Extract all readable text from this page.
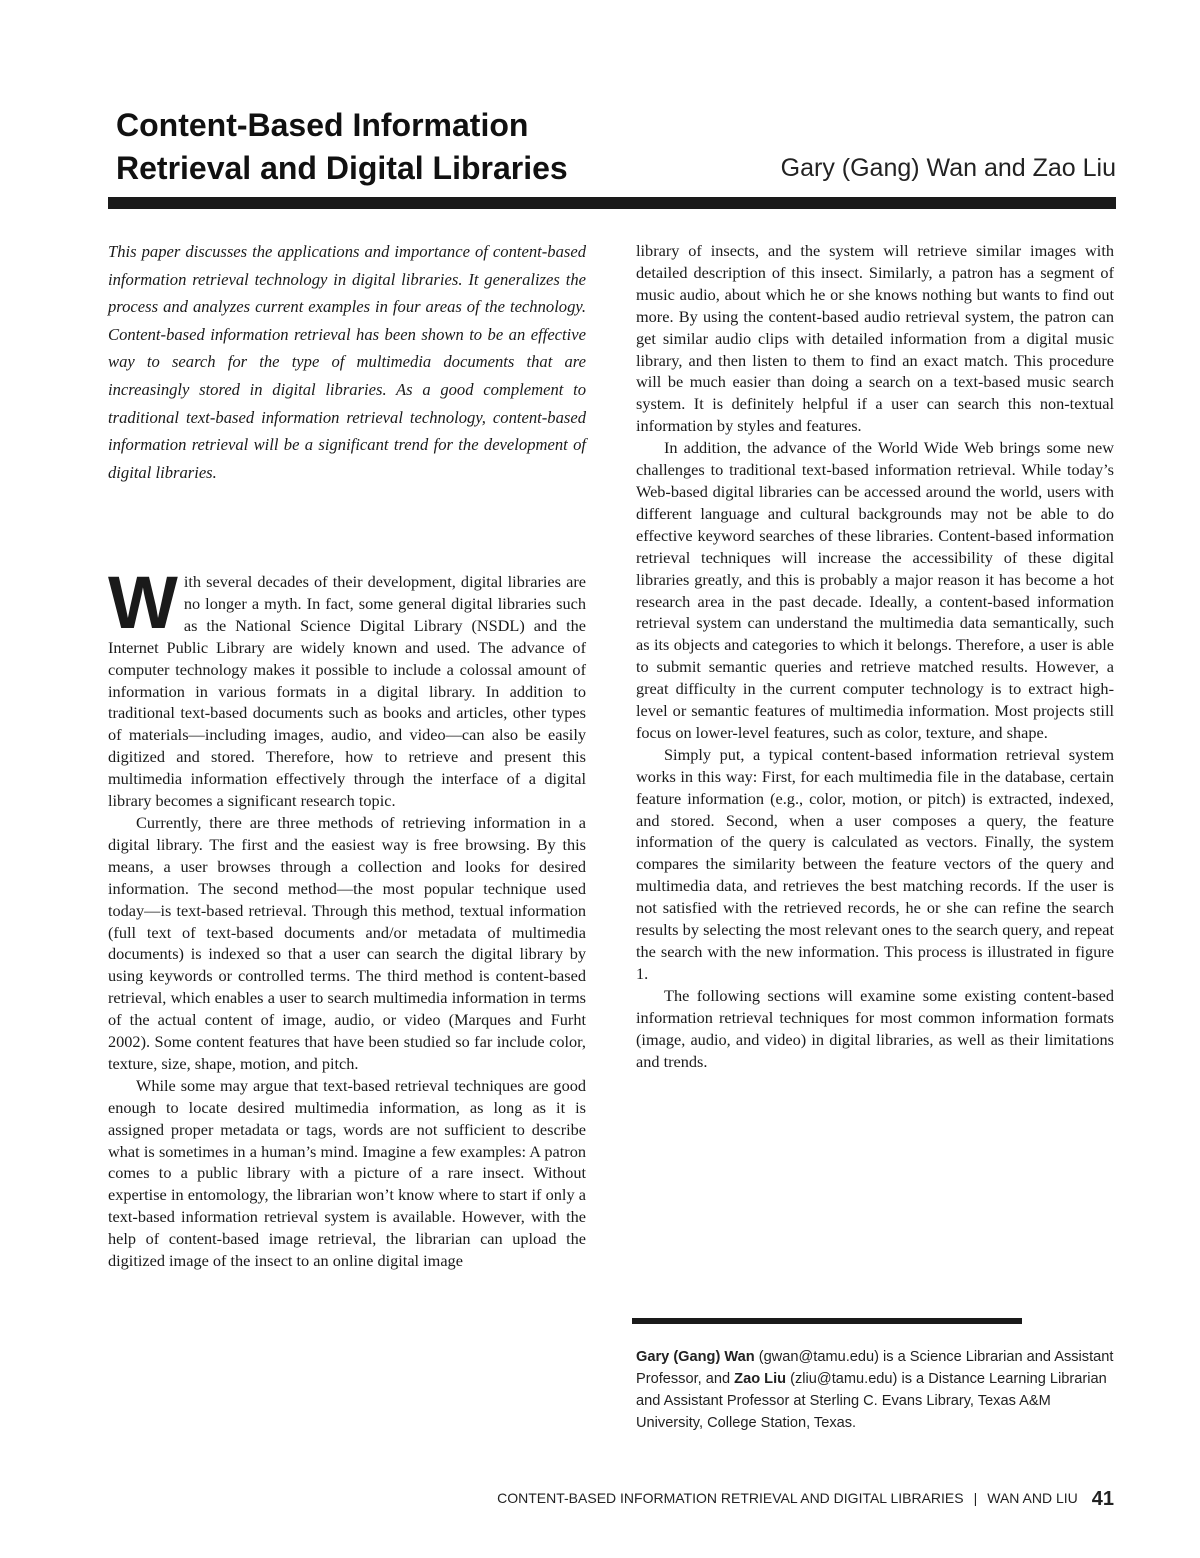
Content-Based Information
Retrieval and Digital Libraries	Gary (Gang) Wan and Zao Liu

This paper discusses the applications and importance of content-based information retrieval technology in digital libraries. It generalizes the process and analyzes current examples in four areas of the technology. Content-based information retrieval has been shown to be an effective way to search for the type of multimedia documents that are increasingly stored in digital libraries. As a good complement to traditional text-based information retrieval technology, content-based information retrieval will be a significant trend for the development of digital libraries.

With several decades of their development, digital libraries are no longer a myth. In fact, some general digital libraries such as the National Science Digital Library (NSDL) and the Internet Public Library are widely known and used. The advance of computer technology makes it possible to include a colossal amount of information in various formats in a digital library. In addition to traditional text-based documents such as books and articles, other types of materials—including images, audio, and video—can also be easily digitized and stored. Therefore, how to retrieve and present this multimedia information effectively through the interface of a digital library becomes a significant research topic.

Currently, there are three methods of retrieving information in a digital library. The first and the easiest way is free browsing. By this means, a user browses through a collection and looks for desired information. The second method—the most popular technique used today—is text-based retrieval. Through this method, textual information (full text of text-based documents and/or metadata of multimedia documents) is indexed so that a user can search the digital library by using keywords or controlled terms. The third method is content-based retrieval, which enables a user to search multimedia information in terms of the actual content of image, audio, or video (Marques and Furht 2002). Some content features that have been studied so far include color, texture, size, shape, motion, and pitch.

While some may argue that text-based retrieval techniques are good enough to locate desired multimedia information, as long as it is assigned proper metadata or tags, words are not sufficient to describe what is sometimes in a human’s mind. Imagine a few examples: A patron comes to a public library with a picture of a rare insect. Without expertise in entomology, the librarian won’t know where to start if only a text-based information retrieval system is available. However, with the help of content-based image retrieval, the librarian can upload the digitized image of the insect to an online digital image

library of insects, and the system will retrieve similar images with detailed description of this insect. Similarly, a patron has a segment of music audio, about which he or she knows nothing but wants to find out more. By using the content-based audio retrieval system, the patron can get similar audio clips with detailed information from a digital music library, and then listen to them to find an exact match. This procedure will be much easier than doing a search on a text-based music search system. It is definitely helpful if a user can search this non-textual information by styles and features.

In addition, the advance of the World Wide Web brings some new challenges to traditional text-based information retrieval. While today’s Web-based digital libraries can be accessed around the world, users with different language and cultural backgrounds may not be able to do effective keyword searches of these libraries. Content-based information retrieval techniques will increase the accessibility of these digital libraries greatly, and this is probably a major reason it has become a hot research area in the past decade. Ideally, a content-based information retrieval system can understand the multimedia data semantically, such as its objects and categories to which it belongs. Therefore, a user is able to submit semantic queries and retrieve matched results. However, a great difficulty in the current computer technology is to extract high-level or semantic features of multimedia information. Most projects still focus on lower-level features, such as color, texture, and shape.

Simply put, a typical content-based information retrieval system works in this way: First, for each multimedia file in the database, certain feature information (e.g., color, motion, or pitch) is extracted, indexed, and stored. Second, when a user composes a query, the feature information of the query is calculated as vectors. Finally, the system compares the similarity between the feature vectors of the query and multimedia data, and retrieves the best matching records. If the user is not satisfied with the retrieved records, he or she can refine the search results by selecting the most relevant ones to the search query, and repeat the search with the new information. This process is illustrated in figure 1.

The following sections will examine some existing content-based information retrieval techniques for most common information formats (image, audio, and video) in digital libraries, as well as their limitations and trends.

Gary (Gang) Wan (gwan@tamu.edu) is a Science Librarian and Assistant Professor, and Zao Liu (zliu@tamu.edu) is a Distance Learning Librarian and Assistant Professor at Sterling C. Evans Library, Texas A&M University, College Station, Texas.
CONTENT-BASED INFORMATION RETRIEVAL AND DIGITAL LIBRARIES | WAN AND LIU 41
